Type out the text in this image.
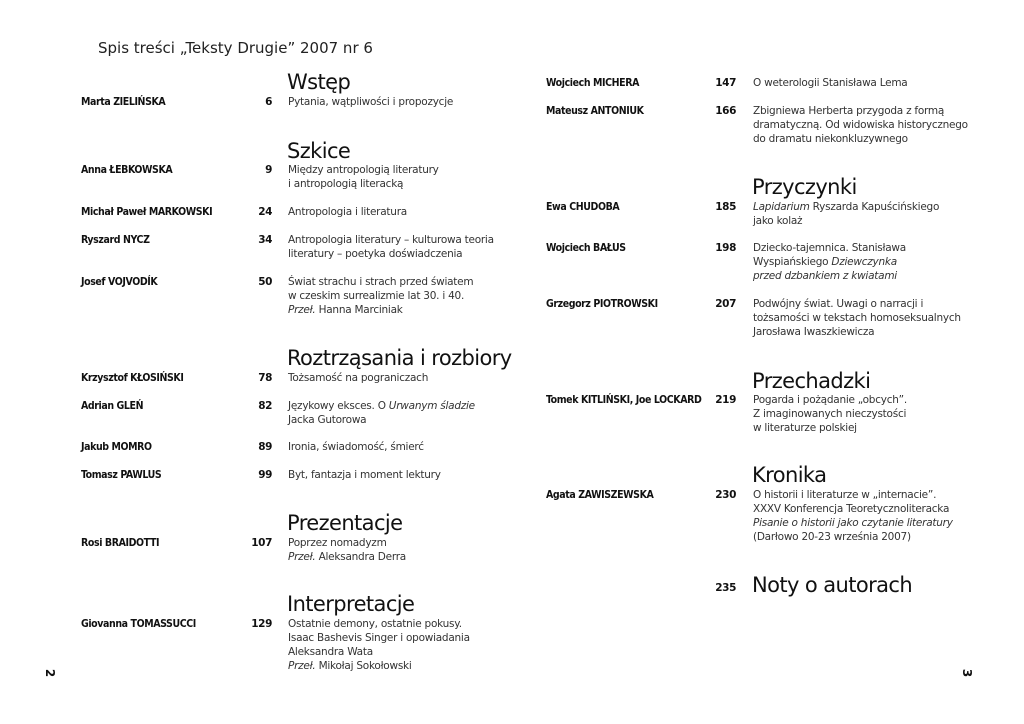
Spis treści „Teksty Drugie” 2007 nr 6
Wstęp
Marta ZIELIŃSKA	6 Pytania, wątpliwości i propozycje
Szkice
Anna ŁEBKOWSKA	9 Między antropologią literatury
i antropologią literacką
Michał Paweł MARKOWSKI	24 Antropologia i literatura
Ryszard NYCZ	34 Antropologia literatury – kulturowa teoria
literatury – poetyka doświadczenia
Josef VOJVODÍK	50 Świat strachu i strach przed światem
w czeskim surrealizmie lat 30. i 40.
Przeł. Hanna Marciniak
Roztrząsania i rozbiory
Krzysztof KŁOSIŃSKI	78 Tożsamość na pograniczach
Adrian GLEŃ	82 Językowy eksces. O Urwanym śladzie
Jacka Gutorowa
Jakub MOMRO	89 Ironia, świadomość, śmierć
Tomasz PAWLUS	99 Byt, fantazja i moment lektury
Prezentacje
Rosi BRAIDOTTI	107 Poprzez nomadyzm
Przeł. Aleksandra Derra
Interpretacje
Giovanna TOMASSUCCI	129 Ostatnie demony, ostatnie pokusy.
Isaac Bashevis Singer i opowiadania
Aleksandra Wata
Przeł. Mikołaj Sokołowski
Wojciech MICHERA	147 O weterologii Stanisława Lema
Mateusz ANTONIUK	166 Zbigniewa Herberta przygoda z formą
dramatyczną. Od widowiska historycznego
do dramatu niekonkluzywnego
Przyczynki
Ewa CHUDOBA	185 Lapidarium Ryszarda Kapuścińskiego
jako kolaż
Wojciech BAŁUS	198 Dziecko-tajemnica. Stanisława
Wyspiańskiego Dziewczynka
przed dzbankiem z kwiatami
Grzegorz PIOTROWSKI	207 Podwójny świat. Uwagi o narracji i
tożsamości w tekstach homoseksualnych
Jarosława Iwaszkiewicza
Przechadzki
Tomek KITLIŃSKI, Joe LOCKARD	219 Pogarda i pożądanie „obcych”.
Z imaginowanych nieczystości
w literaturze polskiej
Kronika
Agata ZAWISZEWSKA	230 O historii i literaturze w „internacie”.
XXXV Konferencja Teoretycznoliteracka
Pisanie o historii jako czytanie literatury
(Darłowo 20-23 września 2007)
235 Noty o autorach
2	3
